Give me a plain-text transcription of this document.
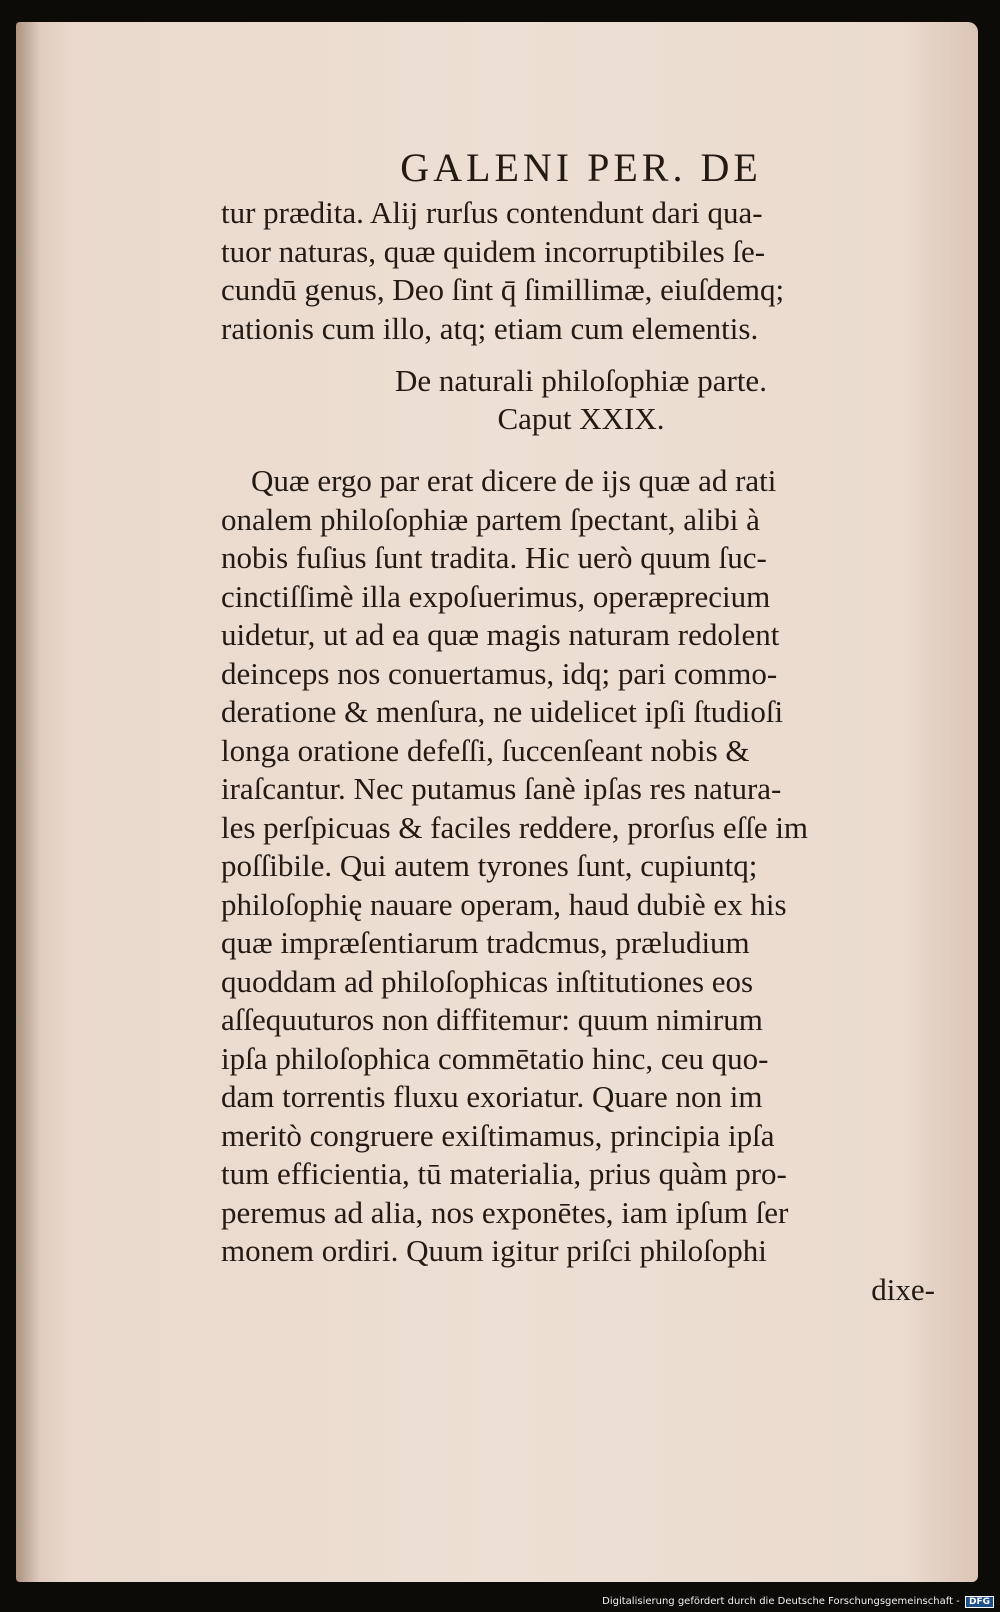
GALENI PER. DE
tur prædita. Alij rurſus contendunt dari qua‑
tuor naturas, quæ quidem incorruptibiles ſe‑
cundū genus, Deo ſint q̄ ſimillimæ, eiuſdemq;
rationis cum illo, atq; etiam cum elementis.
De naturali philoſophiæ parte.
Caput XXIX.
Quæ ergo par erat dicere de ijs quæ ad rati
onalem philoſophiæ partem ſpectant, alibi à
nobis fuſius ſunt tradita. Hic uerò quum ſuc‑
cinctiſſimè illa expoſuerimus, operæprecium
uidetur, ut ad ea quæ magis naturam redolent
deinceps nos conuertamus, idq; pari commo‑
deratione & menſura, ne uidelicet ipſi ſtudioſi
longa oratione defeſſi, ſuccenſeant nobis &
iraſcantur. Nec putamus ſanè ipſas res natura‑
les perſpicuas & faciles reddere, prorſus eſſe im
poſſibile. Qui autem tyrones ſunt, cupiuntq;
philoſophię nauare operam, haud dubiè ex his
quæ impræſentiarum tradcmus, præludium
quoddam ad philoſophicas inſtitutiones eos
aſſequuturos non diffitemur: quum nimirum
ipſa philoſophica commētatio hinc, ceu quo‑
dam torrentis fluxu exoriatur. Quare non im
meritò congruere exiſtimamus, principia ipſa
tum efficientia, tū materialia, prius quàm pro‑
peremus ad alia, nos exponētes, iam ipſum ſer
monem ordiri. Quum igitur priſci philoſophi
dixe‑
Digitalisierung gefördert durch die Deutsche Forschungsgemeinschaft - DFG
